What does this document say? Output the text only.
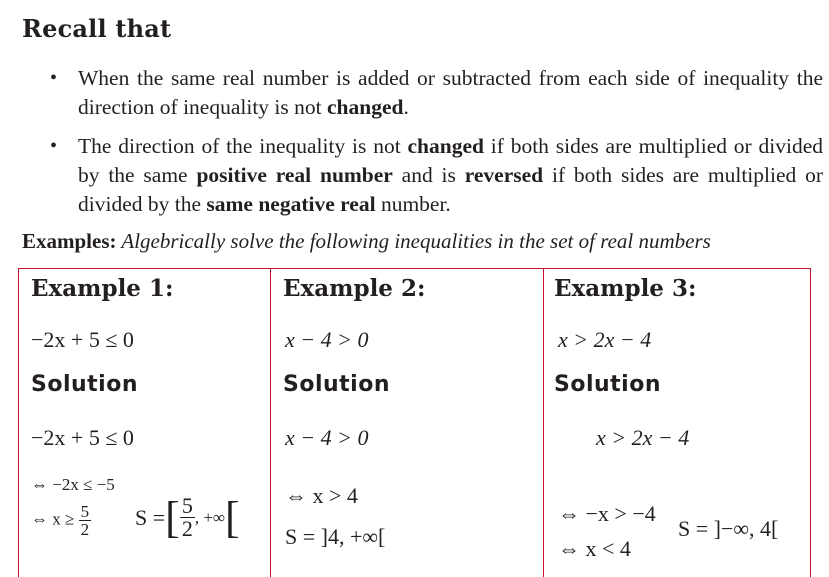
Recall that
• When the same real number is added or subtracted from each side of inequality the direction of inequality is not changed.
• The direction of the inequality is not changed if both sides are multiplied or divided by the same positive real number and is reversed if both sides are multiplied or divided by the same negative real number.
Examples: Algebrically solve the following inequalities in the set of real numbers
Example 1:
−2x + 5 ≤ 0
Solution
−2x + 5 ≤ 0
⇔ −2x ≤ −5
⇔ $x \ge \frac{5}{2}$ S = [ $\frac{5}{2}$ , +∞ [
Example 2:
x − 4 > 0
Solution
x − 4 > 0
⇔ x > 4
S = ]4, +∞[
Example 3:
x > 2x − 4
Solution
x > 2x − 4
⇔ −x > −4
⇔ x < 4
S = ]−∞, 4[
